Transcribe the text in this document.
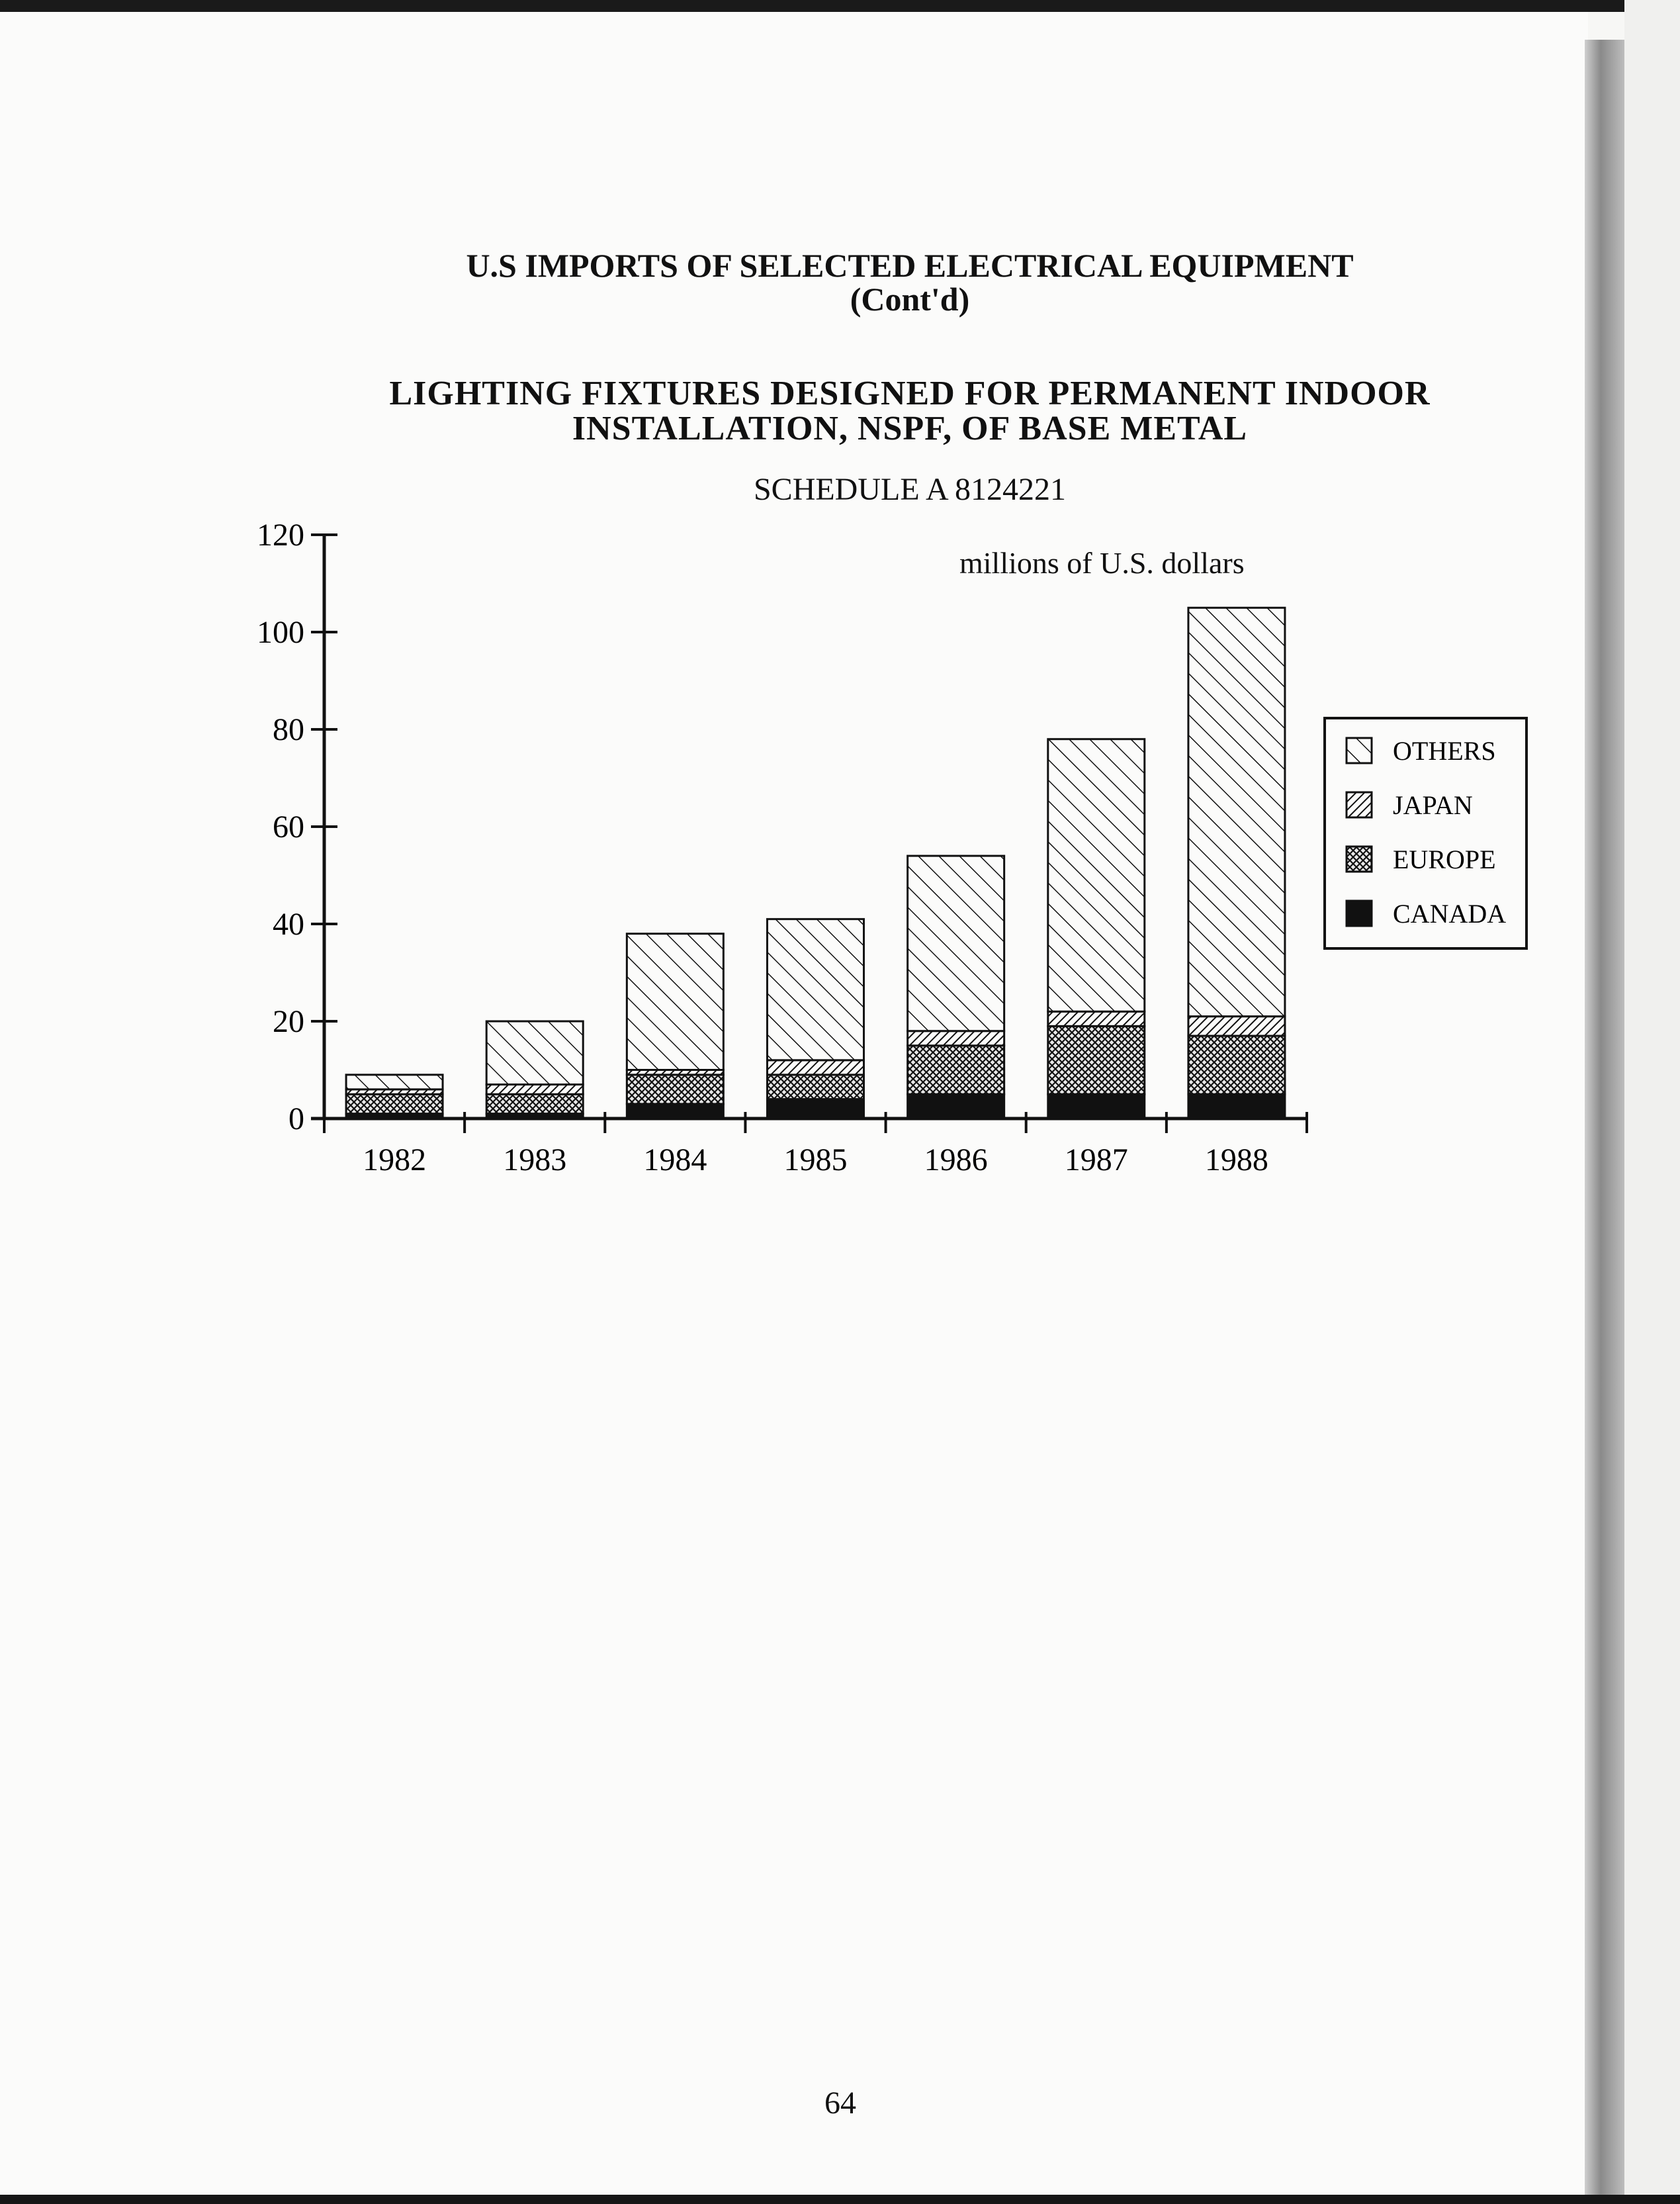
U.S IMPORTS OF SELECTED ELECTRICAL EQUIPMENT
(Cont'd)
LIGHTING FIXTURES DESIGNED FOR PERMANENT INDOOR
INSTALLATION, NSPF, OF BASE METAL
SCHEDULE A 8124221
millions of U.S. dollars
0
20
40
60
80
100
120
1982 1983 1984 1985 1986 1987 1988
OTHERS
JAPAN
EUROPE
CANADA
64
